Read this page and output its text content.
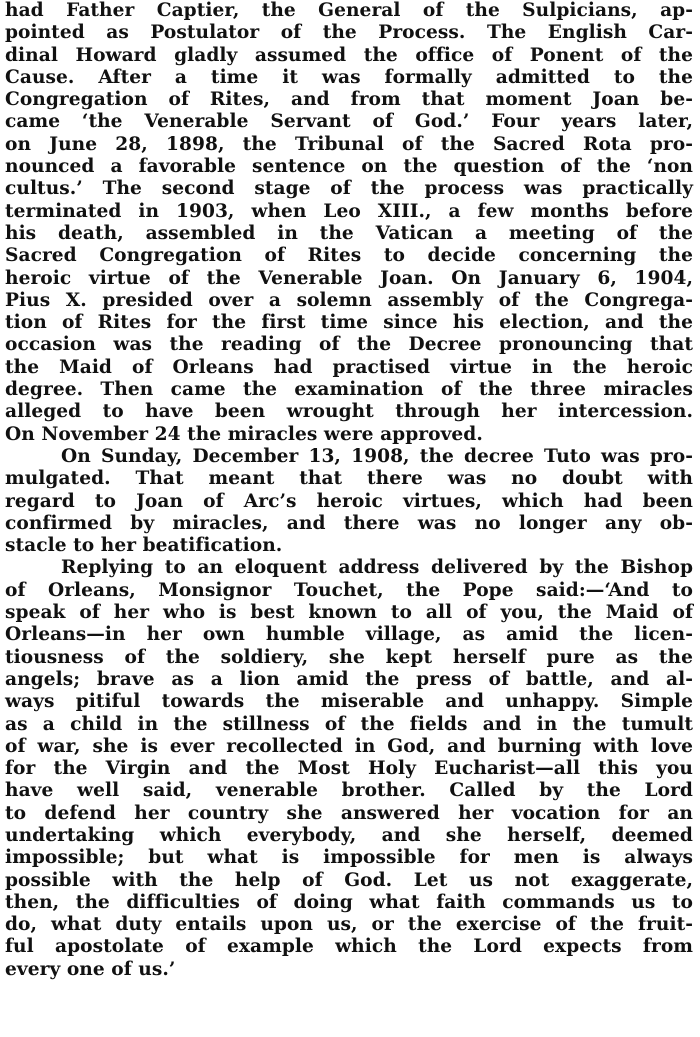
had Father Captier, the General of the Sulpicians, ap-
pointed as Postulator of the Process. The English Car-
dinal Howard gladly assumed the office of Ponent of the
Cause. After a time it was formally admitted to the
Congregation of Rites, and from that moment Joan be-
came ‘the Venerable Servant of God.’ Four years later,
on June 28, 1898, the Tribunal of the Sacred Rota pro-
nounced a favorable sentence on the question of the ‘non
cultus.’ The second stage of the process was practically
terminated in 1903, when Leo XIII., a few months before
his death, assembled in the Vatican a meeting of the
Sacred Congregation of Rites to decide concerning the
heroic virtue of the Venerable Joan. On January 6, 1904,
Pius X. presided over a solemn assembly of the Congrega-
tion of Rites for the first time since his election, and the
occasion was the reading of the Decree pronouncing that
the Maid of Orleans had practised virtue in the heroic
degree. Then came the examination of the three miracles
alleged to have been wrought through her intercession.
On November 24 the miracles were approved.
On Sunday, December 13, 1908, the decree Tuto was pro-
mulgated. That meant that there was no doubt with
regard to Joan of Arc’s heroic virtues, which had been
confirmed by miracles, and there was no longer any ob-
stacle to her beatification.
Replying to an eloquent address delivered by the Bishop
of Orleans, Monsignor Touchet, the Pope said:—‘And to
speak of her who is best known to all of you, the Maid of
Orleans—in her own humble village, as amid the licen-
tiousness of the soldiery, she kept herself pure as the
angels; brave as a lion amid the press of battle, and al-
ways pitiful towards the miserable and unhappy. Simple
as a child in the stillness of the fields and in the tumult
of war, she is ever recollected in God, and burning with love
for the Virgin and the Most Holy Eucharist—all this you
have well said, venerable brother. Called by the Lord
to defend her country she answered her vocation for an
undertaking which everybody, and she herself, deemed
impossible; but what is impossible for men is always
possible with the help of God. Let us not exaggerate,
then, the difficulties of doing what faith commands us to
do, what duty entails upon us, or the exercise of the fruit-
ful apostolate of example which the Lord expects from
every one of us.’
